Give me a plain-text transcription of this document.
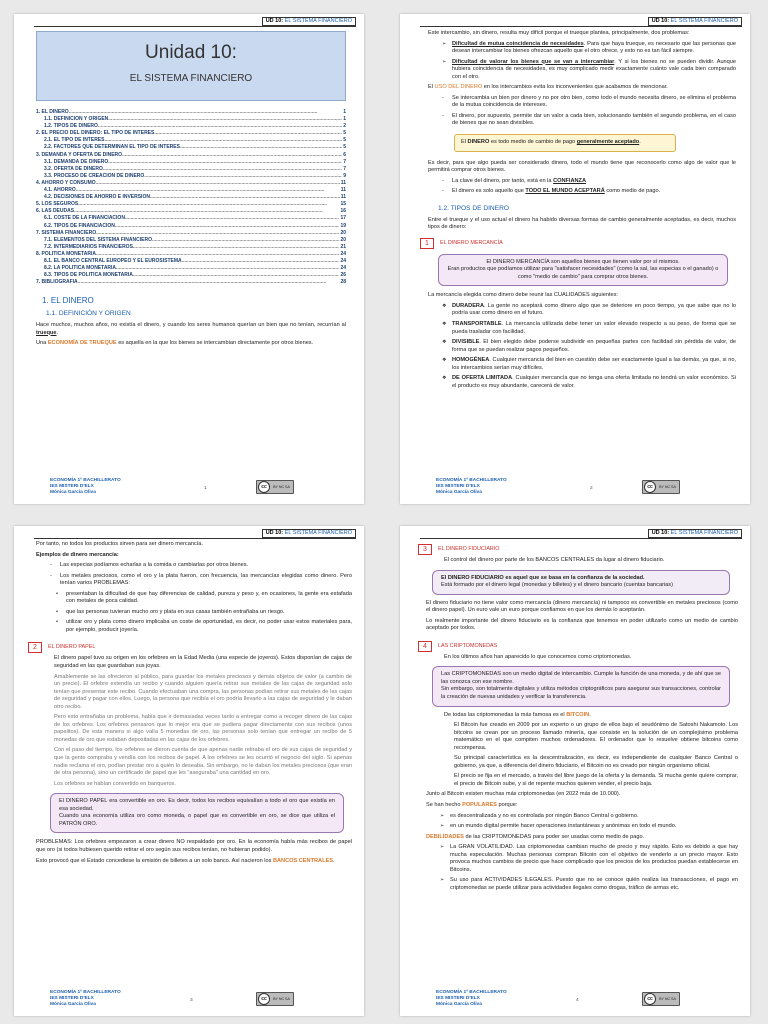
UD 10: EL SISTEMA FINANCIERO
Unidad 10:
EL SISTEMA FINANCIERO
1. EL DINERO .....	1
1.1. DEFINICIÓN Y ORIGEN .....	1
1.2. TIPOS DE DINERO .....	2
2. EL PRECIO DEL DINERO: EL TIPO DE INTERÉS .....	5
2.1. EL TIPO DE INTERÉS .....	5
2.2. FACTORES QUE DETERMINAN EL TIPO DE INTERÉS .....	5
3. DEMANDA Y OFERTA DE DINERO .....	6
3.1. DEMANDA DE DINERO .....	7
3.2. OFERTA DE DINERO .....	7
3.3. PROCESO DE CREACIÓN DE DINERO .....	9
4. AHORRO Y CONSUMO .....	11
4.1. AHORRO .....	11
4.2. DECISIONES DE AHORRO E INVERSIÓN .....	11
5. LOS SEGUROS .....	15
6. LAS DEUDAS .....	16
6.1. COSTE DE LA FINANCIACIÓN .....	17
6.2. TIPOS DE FINANCIACIÓN .....	19
7. SISTEMA FINANCIERO .....	20
7.1. ELEMENTOS DEL SISTEMA FINANCIERO .....	20
7.2. INTERMEDIARIOS FINANCIEROS .....	21
8. POLÍTICA MONETARIA .....	24
8.1. EL BANCO CENTRAL EUROPEO Y EL EUROSISTEMA .....	24
8.2. LA POLÍTICA MONETARIA .....	24
8.3. TIPOS DE POLÍTICA MONETARIA .....	26
7. BIBLIOGRAFÍA .....	28
1. EL DINERO
1.1. DEFINICIÓN Y ORIGEN

Hace muchos, muchos años, no existía el dinero, y cuando los seres humanos querían un bien que no tenían, recurrían al trueque.

Una ECONOMÍA DE TRUEQUE es aquella en la que los bienes se intercambian directamente por otros bienes.

ECONOMÍA 1º BACHILLERATO
IES MISTERI D'ELX
Mónica García Oliva
1	cc	BY NC SA
UD 10: EL SISTEMA FINANCIERO

Este intercambio, sin dinero, resulta muy difícil porque el trueque plantea, principalmente, dos problemas:

➢ Dificultad de mutua coincidencia de necesidades. Para que haya trueque, es necesario que las personas que desean intercambiar los bienes ofrezcan aquello que el otro ofrece, y esto no es tan fácil siempre.
➢ Dificultad de valorar los bienes que se van a intercambiar. Y si los bienes no se pueden dividir. Aunque hubiera coincidencia de necesidades, es muy complicado medir exactamente cuánto vale cada bien comparado con el otro.

El USO DEL DINERO en los intercambios evita los inconvenientes que acabamos de mencionar.

- Se intercambia un bien por dinero y no por otro bien, como todo el mundo necesita dinero, se elimina el problema de la mutua coincidencia de intereses.
- El dinero, por supuesto, permite dar un valor a cada bien, solucionando también el segundo problema, en el caso de bienes que no sean divisibles.
El DINERO es todo medio de cambio de pago generalmente aceptado.

Es decir, para que algo pueda ser considerado dinero, todo el mundo tiene que reconocerlo como algo de valor que le permitirá comprar otros bienes.

- La clave del dinero, por tanto, está en la CONFIANZA
- El dinero es solo aquello que TODO EL MUNDO ACEPTARÁ como medio de pago.
1.2. TIPOS DE DINERO

Entre el trueque y el uso actual el dinero ha habido diversas formas de cambio generalmente aceptadas, es decir, muchos tipos de dinero:

1	EL DINERO MERCANCÍA
El DINERO MERCANCÍA son aquellos bienes que tienen valor por sí mismos.
Eran productos que podíamos utilizar para "satisfacer necesidades" (como la sal, las especias o el ganado) o como "medio de cambio" para comprar otros bienes.

La mercancía elegida como dinero debe reunir las CUALIDADES siguientes:

❖ DURADERA. La gente no aceptará como dinero algo que se deteriore en poco tiempo, ya que sabe que no lo podría usar como dinero en el futuro.
❖ TRANSPORTABLE. La mercancía utilizada debe tener un valor elevado respecto a su peso, de forma que se pueda trasladar con facilidad.
❖ DIVISIBLE. El bien elegido debe poderse subdividir en pequeñas partes con facilidad sin pérdida de valor, de forma que se puedan realizar pagos pequeños.
❖ HOMOGÉNEA. Cualquier mercancía del bien en cuestión debe ser exactamente igual a las demás, ya que, si no, los intercambios serían muy difíciles.
❖ DE OFERTA LIMITADA. Cualquier mercancía que no tenga una oferta limitada no tendrá un valor económico. Si el producto es muy abundante, carecerá de valor.
ECONOMÍA 1º BACHILLERATO
IES MISTERI D'ELX
Mónica García Oliva
2	cc	BY NC SA
UD 10: EL SISTEMA FINANCIERO

Por tanto, no todos los productos sirven para ser dinero mercancía.

Ejemplos de dinero mercancía:

- Las especias podíamos echarlas a la comida o cambiarlas por otros bienes.
- Los metales preciosos, como el oro y la plata fueron, con frecuencia, las mercancías elegidas como dinero. Pero tenían varios PROBLEMAS:
• presentaban la dificultad de que hay diferencias de calidad, pureza y peso y, en ocasiones, la gente era estafada con metales de poca calidad.
• que las personas tuvieran mucho oro y plata en sus casas también entrañaba un riesgo.
• utilizar oro y plata como dinero implicaba un coste de oportunidad, es decir, no poder usar estos materiales para, por ejemplo, producir joyería.
2	EL DINERO PAPEL

El dinero papel tuvo su origen en los orfebres en la Edad Media (una especie de joyeros). Estos disponían de cajas de seguridad en las que guardaban sus joyas.

Amablemente se las ofrecieron al público, para guardar los metales preciosos y demás objetos de valor (a cambio de un precio). El orfebre extendía un recibo y cuando alguien quería retirar sus metales de las cajas de seguridad solo tenían que presentar este recibo. Cuando efectuaban una compra, las personas podían retirar sus metales de las cajas de seguridad y pagar con ellos. Luego, la persona que recibía el oro podría llevarlo a las cajas de seguridad y le daban otro recibo.

Pero esto entrañaba un problema, había que ir demasiadas veces tanto a entregar como a recoger dinero de las cajas de los orfebres. Los orfebres pensaron que lo mejor era que se pudiera pagar directamente con sus recibos (unos papelitos). De esta manera si algo valía 5 monedas de oro, las personas solo tenían que entregar un recibo de 5 monedas de oro que estaban depositadas en las cajas de los orfebres.

Con el paso del tiempo, los orfebres se dieron cuenta de que apenas nadie retiraba el oro de sus cajas de seguridad y que la gente compraba y vendía con los recibos de papel. A los orfebres se les ocurrió el negocio del siglo. Si apenas nadie reclama el oro, podían prestar oro a quién lo deseaba. Sin embargo, no le daban los metales preciosos (que eran de otra persona), sino un certificado de papel que les "aseguraba" una cantidad en oro.

Los orfebres se habían convertido en banqueros.

El DINERO PAPEL era convertible en oro. Es decir, todos los recibos equivalían a todo el oro que existía en esa sociedad.
Cuando una economía utiliza oro como moneda, o papel que es convertible en oro, se dice que utiliza el PATRÓN ORO.

PROBLEMAS: Los orfebres empezaron a crear dinero NO respaldado por oro. En la economía había más recibos de papel que oro (si todos hubiesen querido retirar el oro según sus recibos tenían, no hubieran podido).

Esto provocó que el Estado concediese la emisión de billetes a un solo banco. Así nacieron los BANCOS CENTRALES.

ECONOMÍA 1º BACHILLERATO
IES MISTERI D'ELX
Mónica García Oliva
3	cc	BY NC SA
UD 10: EL SISTEMA FINANCIERO
3	EL DINERO FIDUCIARIO

El control del dinero por parte de los BANCOS CENTRALES da lugar al dinero fiduciario.

El DINERO FIDUCIARIO es aquel que se basa en la confianza de la sociedad.
Está formado por el dinero legal (monedas y billetes) y el dinero bancario (cuentas bancarias)

El dinero fiduciario no tiene valor como mercancía (dinero mercancía) ni tampoco es convertible en metales preciosos (como el dinero papel). Un euro vale un euro porque confiamos en que los demás lo aceptarán.

Lo realmente importante del dinero fiduciario es la confianza que tenemos en poder utilizarlo como un medio de cambio aceptado por todos.

4	LAS CRIPTOMONEDAS

En los últimos años han aparecido lo que conocemos como criptomonedas.

Las CRIPTOMONEDAS son un medio digital de intercambio. Cumple la función de una moneda, y de ahí que se las conozca con ese nombre.
Sin embargo, son totalmente digitales y utiliza métodos criptográficos para asegurar sus transacciones, controlar la creación de nuevas unidades y verificar la transferencia.

De todas las criptomonedas la más famosa es el BITCOIN.

El Bitcoin fue creado en 2009 por un experto o un grupo de ellos bajo el seudónimo de Satoshi Nakamoto. Los bitcoins se crean por un proceso llamado minería, que consiste en la solución de un complejísimo problema matemático en el que compiten muchos ordenadores. El ordenador que lo resuelve obtiene bitcoins como recompensa.

Su principal característica es la descentralización, es decir, es independiente de cualquier Banco Central o gobierno, ya que, a diferencia del dinero fiduciario, el Bitcoin no es creado por ningún organismo oficial.

El precio se fija en el mercado, a través del libre juego de la oferta y la demanda. Si mucha gente quiere comprar, el precio de Bitcoin sube, y si de repente muchos quieren vender, el precio baja.

Junto al Bitcoin existen muchas más criptomonedas (en 2022 más de 10.000).

Se han hecho POPULARES porque:

➢ es descentralizada y no es controlada por ningún Banco Central o gobierno.
➢ en un mundo digital permite hacer operaciones instantáneas y anónimas en todo el mundo.

DEBILIDADES de las CRIPTOMONEDAS para poder ser usadas como medio de pago.

➢ La GRAN VOLATILIDAD. Las criptomonedas cambian mucho de precio y muy rápido. Esto es debido a que hay mucha especulación. Muchas personas compran Bitcoin con el objetivo de venderlo a un precio mayor. Esto provoca muchos cambios de precio que hace complicado que los precios de los productos puedan establecerse en Bitcoins.
➢ Su uso para ACTIVIDADES ILEGALES. Puesto que no se conoce quién realiza las transacciones, el pago en criptomonedas se puede utilizar para actividades ilegales como drogas, tráfico de armas etc.
ECONOMÍA 1º BACHILLERATO
IES MISTERI D'ELX
Mónica García Oliva
4	cc	BY NC SA
